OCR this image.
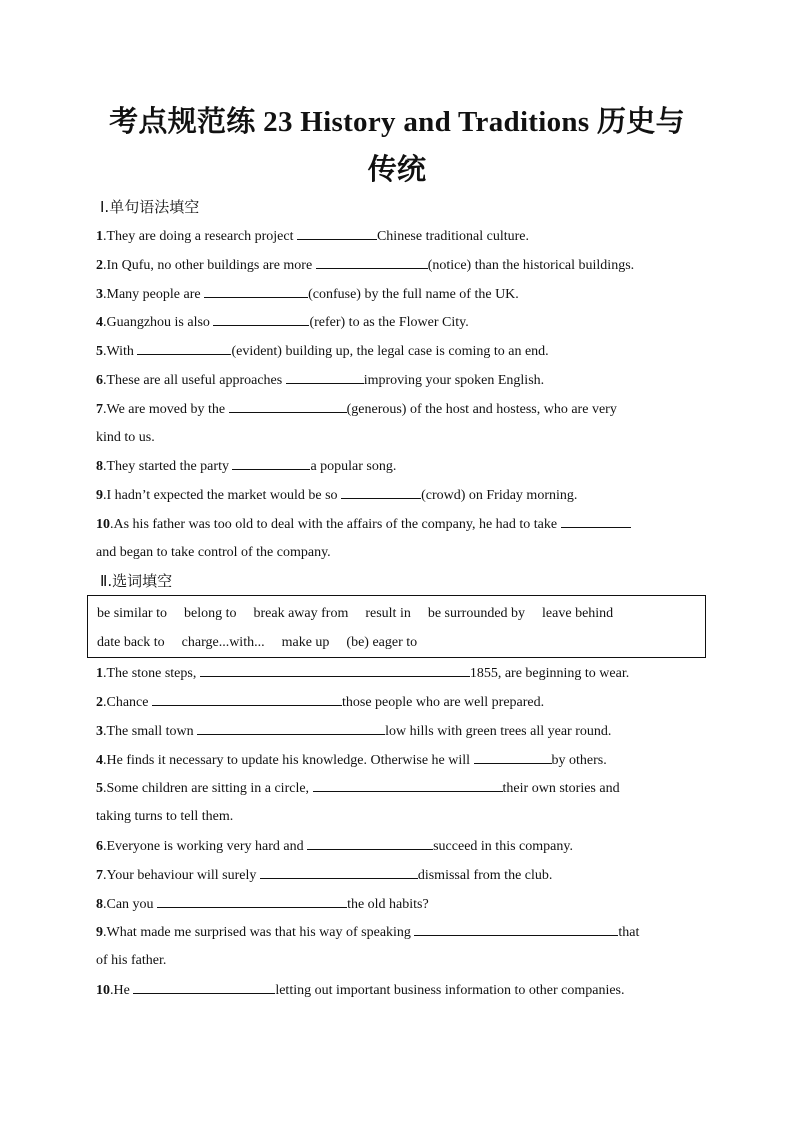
考点规范练 23 History and Traditions 历史与
传统
Ⅰ.单句语法填空
1.They are doing a research project	Chinese traditional culture.
2.In Qufu, no other buildings are more	(notice) than the historical buildings.
3.Many people are	(confuse) by the full name of the UK.
4.Guangzhou is also	(refer) to as the Flower City.
5.With	(evident) building up, the legal case is coming to an end.
6.These are all useful approaches	improving your spoken English.
7.We are moved by the	(generous) of the host and hostess, who are very
kind to us.
8.They started the party	a popular song.
9.I hadn’t expected the market would be so	(crowd) on Friday morning.
10.As his father was too old to deal with the affairs of the company, he had to take
and began to take control of the company.
Ⅱ.选词填空
be similar to belong to break away from result in be surrounded by leave behind
date back to charge...with... make up (be) eager to
1.The stone steps,	1855, are beginning to wear.
2.Chance	those people who are well prepared.
3.The small town	low hills with green trees all year round.
4.He finds it necessary to update his knowledge. Otherwise he will	by others.
5.Some children are sitting in a circle,	their own stories and
taking turns to tell them.
6.Everyone is working very hard and	succeed in this company.
7.Your behaviour will surely	dismissal from the club.
8.Can you	the old habits?
9.What made me surprised was that his way of speaking	that
of his father.
10.He	letting out important business information to other companies.
